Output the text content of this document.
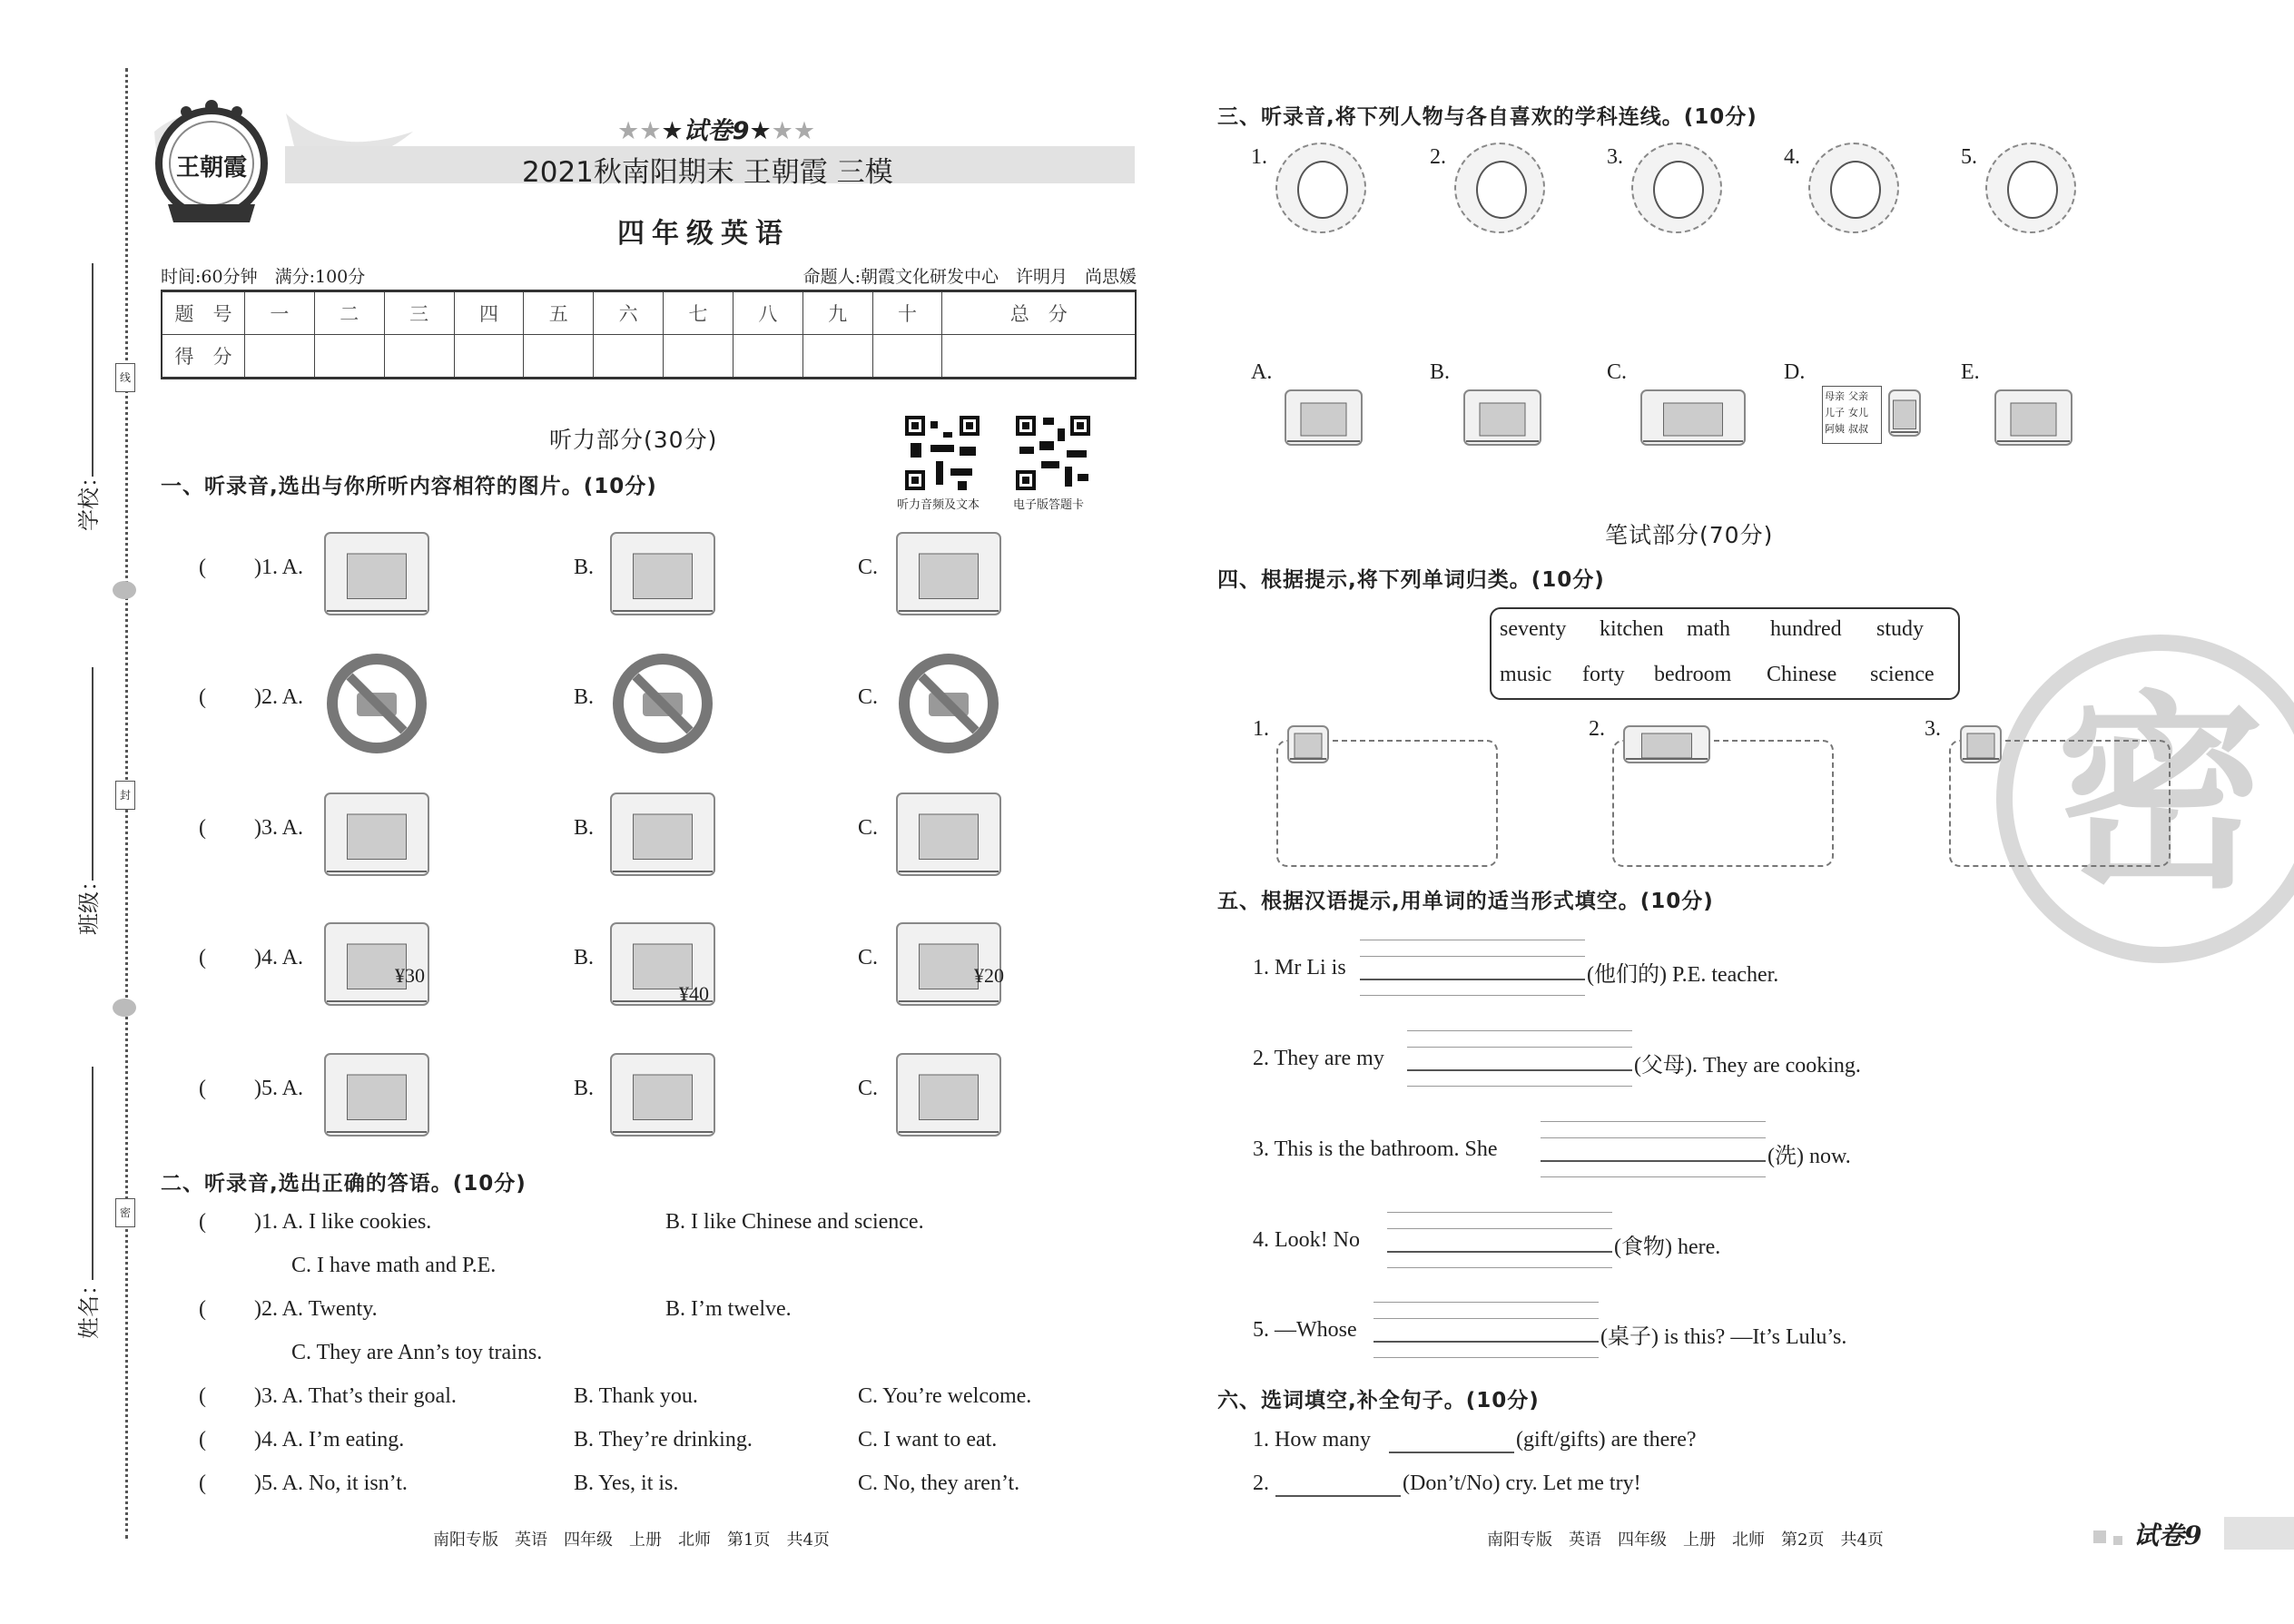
学校：
班级：
姓名：
线
封
密
王朝霞
★★★试卷9★★★
2021秋南阳期末 王朝霞 三模
四年级英语
时间:60分钟　满分:100分	命题人:朝霞文化研发中心　许明月　尚思媛
题　号	一	二	三	四	五	六	七	八	九	十	总　分
得　分											
听力部分(30分)
听力音频及文本	电子版答题卡
一、听录音,选出与你所听内容相符的图片。(10分)
( )1. A.	B.	C.
( )2. A.	B.	C.
( )3. A.	B.	C.
( )4. A.	B.	C.
¥30
¥40
¥20
( )5. A.	B.	C.
二、听录音,选出正确的答语。(10分)
( )1. A. I like cookies.	B. I like Chinese and science.
C. I have math and P.E.
( )2. A. Twenty.	B. I’m twelve.
C. They are Ann’s toy trains.
( )3. A. That’s their goal.	B. Thank you.	C. You’re welcome.
( )4. A. I’m eating.	B. They’re drinking.	C. I want to eat.
( )5. A. No, it isn’t.	B. Yes, it is.	C. No, they aren’t.
南阳专版　英语　四年级　上册　北师　第1页　共4页
密
三、听录音,将下列人物与各自喜欢的学科连线。(10分)
1.	2.	3.	4.	5.
A.	B.	C.	D.
母亲 父亲儿子 女儿阿姨 叔叔
E.
笔试部分(70分)
四、根据提示,将下列单词归类。(10分)
seventy kitchen math hundred study
music forty bedroom Chinese science
1.	2.	3.
五、根据汉语提示,用单词的适当形式填空。(10分)
1. Mr Li is	(他们的) P.E. teacher.
2. They are my	(父母). They are cooking.
3. This is the bathroom. She	(洗) now.
4. Look! No	(食物) here.
5. —Whose	(桌子) is this? —It’s Lulu’s.
六、选词填空,补全句子。(10分)
1. How many	(gift/gifts) are there?
2.	(Don’t/No) cry. Let me try!
南阳专版　英语　四年级　上册　北师　第2页　共4页	试卷9
